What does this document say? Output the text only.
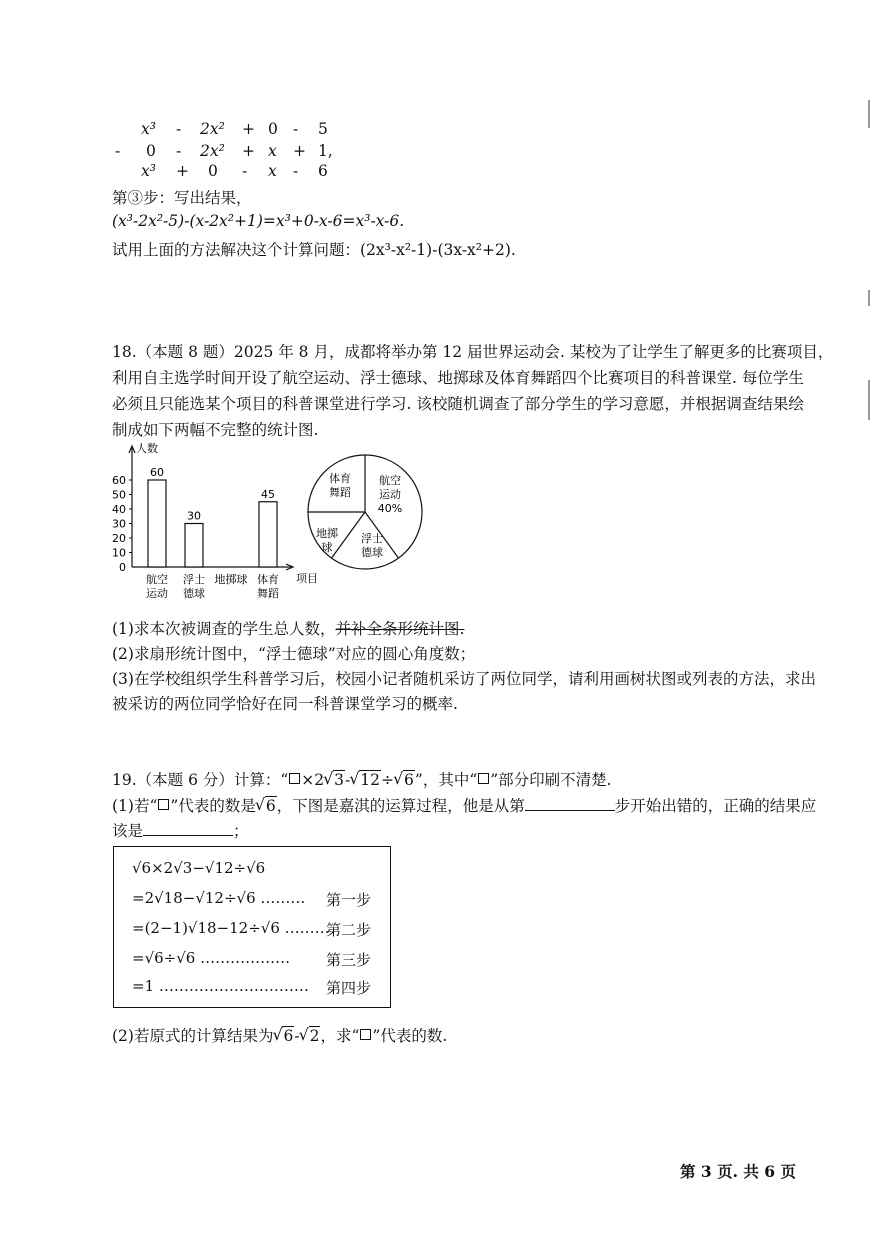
x³ - 2x² + 0 - 5
- 0 - 2x² + x + 1,
x³ + 0 - x - 6
第③步：写出结果，
(x³-2x²-5)-(x-2x²+1)=x³+0-x-6=x³-x-6.
试用上面的方法解决这个计算问题：(2x³-x²-1)-(3x-x²+2).
18.（本题 8 题）2025 年 8 月，成都将举办第 12 届世界运动会. 某校为了让学生了解更多的比赛项目，
利用自主选学时间开设了航空运动、浮士德球、地掷球及体育舞蹈四个比赛项目的科普课堂. 每位学生
必须且只能选某个项目的科普课堂进行学习. 该校随机调查了部分学生的学习意愿，并根据调查结果绘
制成如下两幅不完整的统计图.
人数
项目
0
10
20
30
40
50
60
60
30
45
航空
运动
浮士
德球
地掷球 体育
舞蹈
航空
运动
40%
浮士
德球
地掷
球
体育
舞蹈
(1)求本次被调查的学生总人数，并补全条形统计图.
(2)求扇形统计图中，“浮士德球”对应的圆心角度数；
(3)在学校组织学生科普学习后，校园小记者随机采访了两位同学，请利用画树状图或列表的方法，求出
被采访的两位同学恰好在同一科普课堂学习的概率.
19.（本题 6 分）计算：“ ×2 √ 3- √ 12÷ √ 6”，其中“ ”部分印刷不清楚.
(1)若“ ”代表的数是 √ 6，下图是嘉淇的运算过程，他是从第	步开始出错的，正确的结果应
该是	；
√6×2√3−√12÷√6
=2√18−√12÷√6 ……… 第一步
=(2−1)√18−12÷√6 ………
第二步
=√6÷√6 ……………… 第三步
=1 ………………………… 第四步
(2)若原式的计算结果为 √ 6- √ 2，求“ ”代表的数.
第 3 页. 共 6 页
